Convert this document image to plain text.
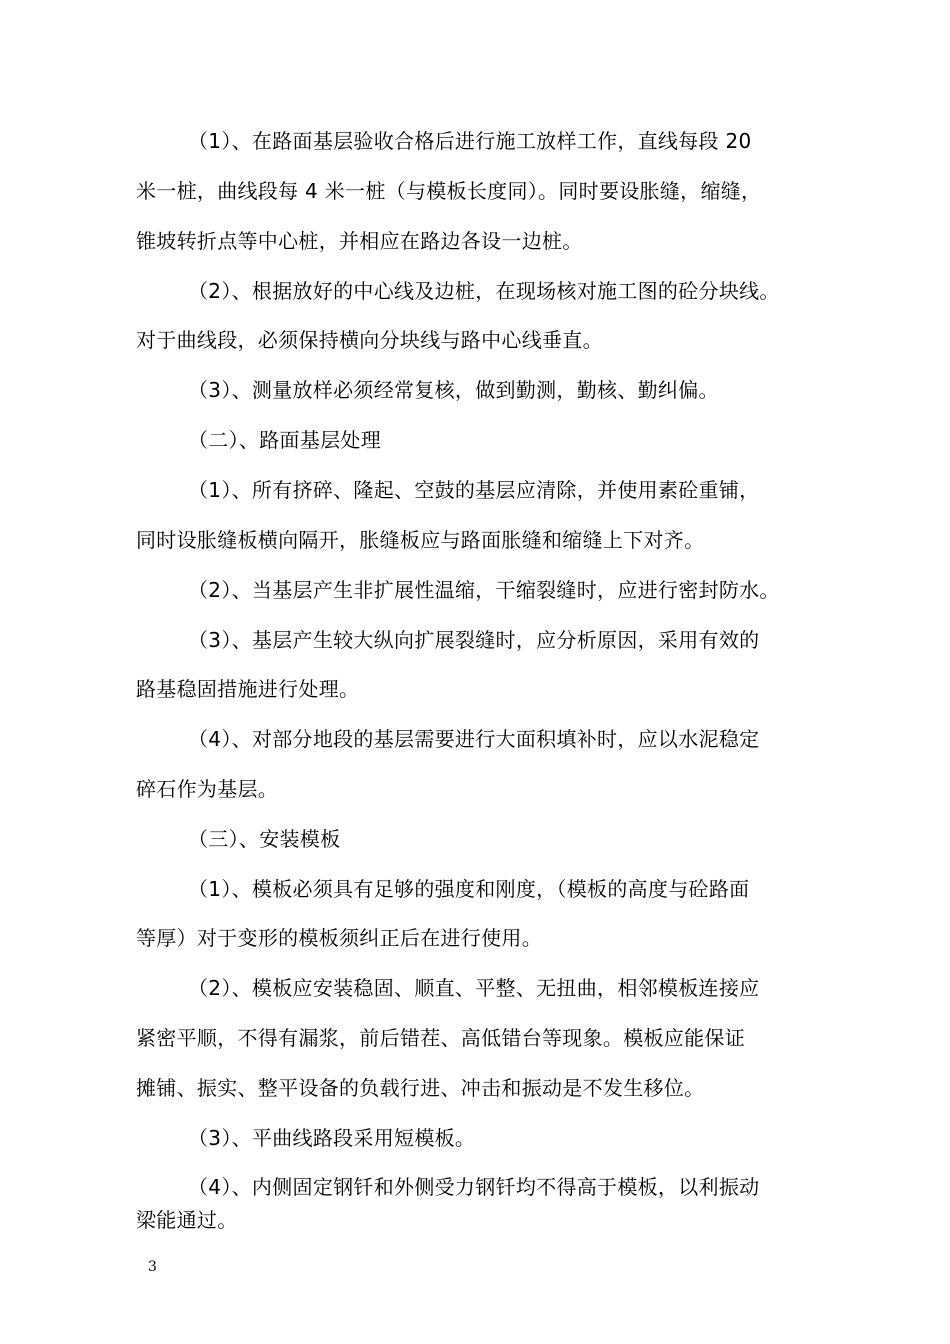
（1）、在路面基层验收合格后进行施工放样工作，直线每段 20
米一桩，曲线段每 4 米一桩（与模板长度同）。同时要设胀缝，缩缝，
锥坡转折点等中心桩，并相应在路边各设一边桩。
（2）、根据放好的中心线及边桩，在现场核对施工图的砼分块线。
对于曲线段，必须保持横向分块线与路中心线垂直。
（3）、测量放样必须经常复核，做到勤测，勤核、勤纠偏。
（二）、路面基层处理
（1）、所有挤碎、隆起、空鼓的基层应清除，并使用素砼重铺，
同时设胀缝板横向隔开，胀缝板应与路面胀缝和缩缝上下对齐。
（2）、当基层产生非扩展性温缩，干缩裂缝时，应进行密封防水。
（3）、基层产生较大纵向扩展裂缝时，应分析原因，采用有效的
路基稳固措施进行处理。
（4）、对部分地段的基层需要进行大面积填补时，应以水泥稳定
碎石作为基层。
（三）、安装模板
（1）、模板必须具有足够的强度和刚度，（模板的高度与砼路面
等厚）对于变形的模板须纠正后在进行使用。
（2）、模板应安装稳固、顺直、平整、无扭曲，相邻模板连接应
紧密平顺，不得有漏浆，前后错茬、高低错台等现象。模板应能保证
摊铺、振实、整平设备的负载行进、冲击和振动是不发生移位。
（3）、平曲线路段采用短模板。
（4）、内侧固定钢钎和外侧受力钢钎均不得高于模板，以利振动
梁能通过。
3
